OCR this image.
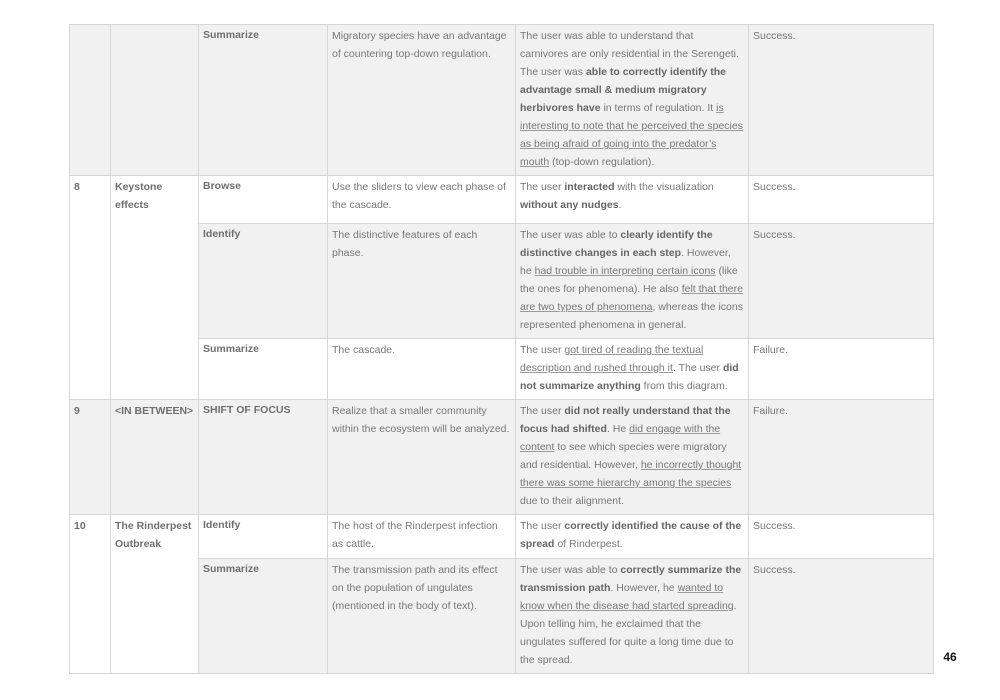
		Summarize	Migratory species have an advantage of countering top-down regulation.	The user was able to understand that carnivores are only residential in the Serengeti. The user was able to correctly identify the advantage small & medium migratory herbivores have in terms of regulation. It is interesting to note that he perceived the species as being afraid of going into the predator’s mouth (top-down regulation).	Success.
8	Keystone effects	Browse	Use the sliders to view each phase of the cascade.	The user interacted with the visualization without any nudges.	Success.
		Identify	The distinctive features of each phase.	The user was able to clearly identify the distinctive changes in each step. However, he had trouble in interpreting certain icons (like the ones for phenomena). He also felt that there are two types of phenomena, whereas the icons represented phenomena in general.	Success.
		Summarize	The cascade.	The user got tired of reading the textual description and rushed through it. The user did not summarize anything from this diagram.	Failure.
9	<IN BETWEEN>	SHIFT OF FOCUS	Realize that a smaller community within the ecosystem will be analyzed.	The user did not really understand that the focus had shifted. He did engage with the content to see which species were migratory and residential. However, he incorrectly thought there was some hierarchy among the species due to their alignment.	Failure.
10	The Rinderpest Outbreak	Identify	The host of the Rinderpest infection as cattle.	The user correctly identified the cause of the spread of Rinderpest.	Success.
		Summarize	The transmission path and its effect on the population of ungulates (mentioned in the body of text).	The user was able to correctly summarize the transmission path. However, he wanted to know when the disease had started spreading. Upon telling him, he exclaimed that the ungulates suffered for quite a long time due to the spread.	Success.
46
